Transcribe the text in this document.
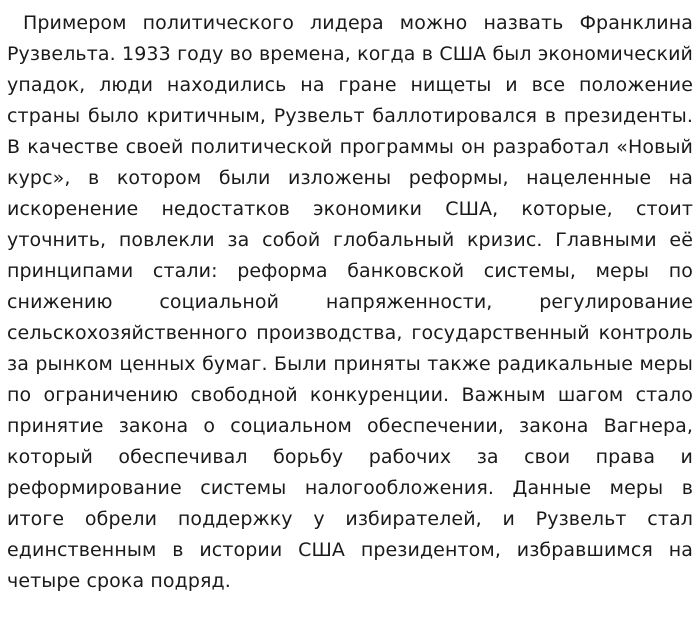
Примером политического лидера можно назвать Франклина Рузвельта. 1933 году во времена, когда в США был экономический упадок, люди находились на гране нищеты и все положение страны было критичным, Рузвельт баллотировался в президенты. В качестве своей политической программы он разработал «Новый курс», в котором были изложены реформы, нацеленные на искоренение недостатков экономики США, которые, стоит уточнить, повлекли за собой глобальный кризис. Главными её принципами стали: реформа банковской системы, меры по снижению социальной напряженности, регулирование сельскохозяйственного производства, государственный контроль за рынком ценных бумаг. Были приняты также радикальные меры по ограничению свободной конкуренции. Важным шагом стало принятие закона о социальном обеспечении, закона Вагнера, который обеспечивал борьбу рабочих за свои права и реформирование системы налогообложения. Данные меры в итоге обрели поддержку у избирателей, и Рузвельт стал единственным в истории США президентом, избравшимся на четыре срока подряд.
